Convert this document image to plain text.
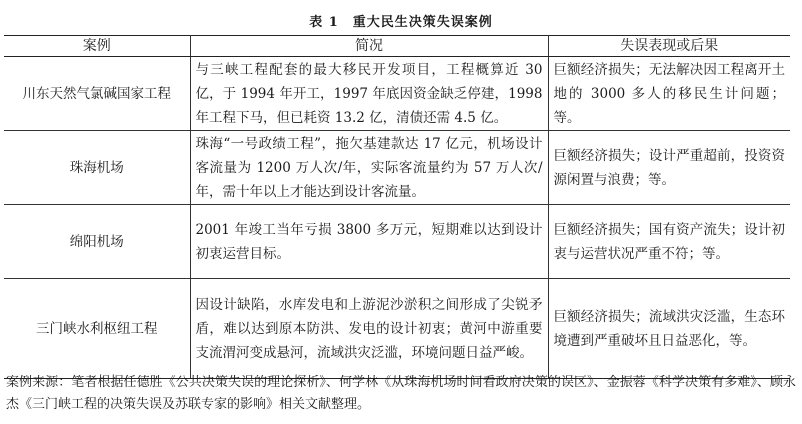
表 1 重大民生决策失误案例
案例	简况	失误表现或后果
川东天然气氯碱国家工程	与三峡工程配套的最大移民开发项目，工程概算近 30 亿，于 1994 年开工，1997 年底因资金缺乏停建，1998 年工程下马，但已耗资 13.2 亿，清债还需 4.5 亿。	巨额经济损失；无法解决因工程离开土地的 3000 多人的移民生计问题；等。
珠海机场	珠海“一号政绩工程”，拖欠基建款达 17 亿元，机场设计客流量为 1200 万人次/年，实际客流量约为 57 万人次/年，需十年以上才能达到设计客流量。	巨额经济损失；设计严重超前，投资资源闲置与浪费；等。
绵阳机场	2001 年竣工当年亏损 3800 多万元，短期难以达到设计初衷运营目标。	巨额经济损失；国有资产流失；设计初衷与运营状况严重不符；等。
三门峡水利枢纽工程	因设计缺陷，水库发电和上游泥沙淤积之间形成了尖锐矛盾，难以达到原本防洪、发电的设计初衷；黄河中游重要支流渭河变成悬河，流域洪灾泛滥，环境问题日益严峻。	巨额经济损失；流域洪灾泛滥，生态环境遭到严重破坏且日益恶化，等。
案例来源：笔者根据任德胜《公共决策失误的理论探析》、何学林《从珠海机场时间看政府决策的误区》、金振蓉《科学决策有多难》、顾永杰《三门峡工程的决策失误及苏联专家的影响》相关文献整理。
